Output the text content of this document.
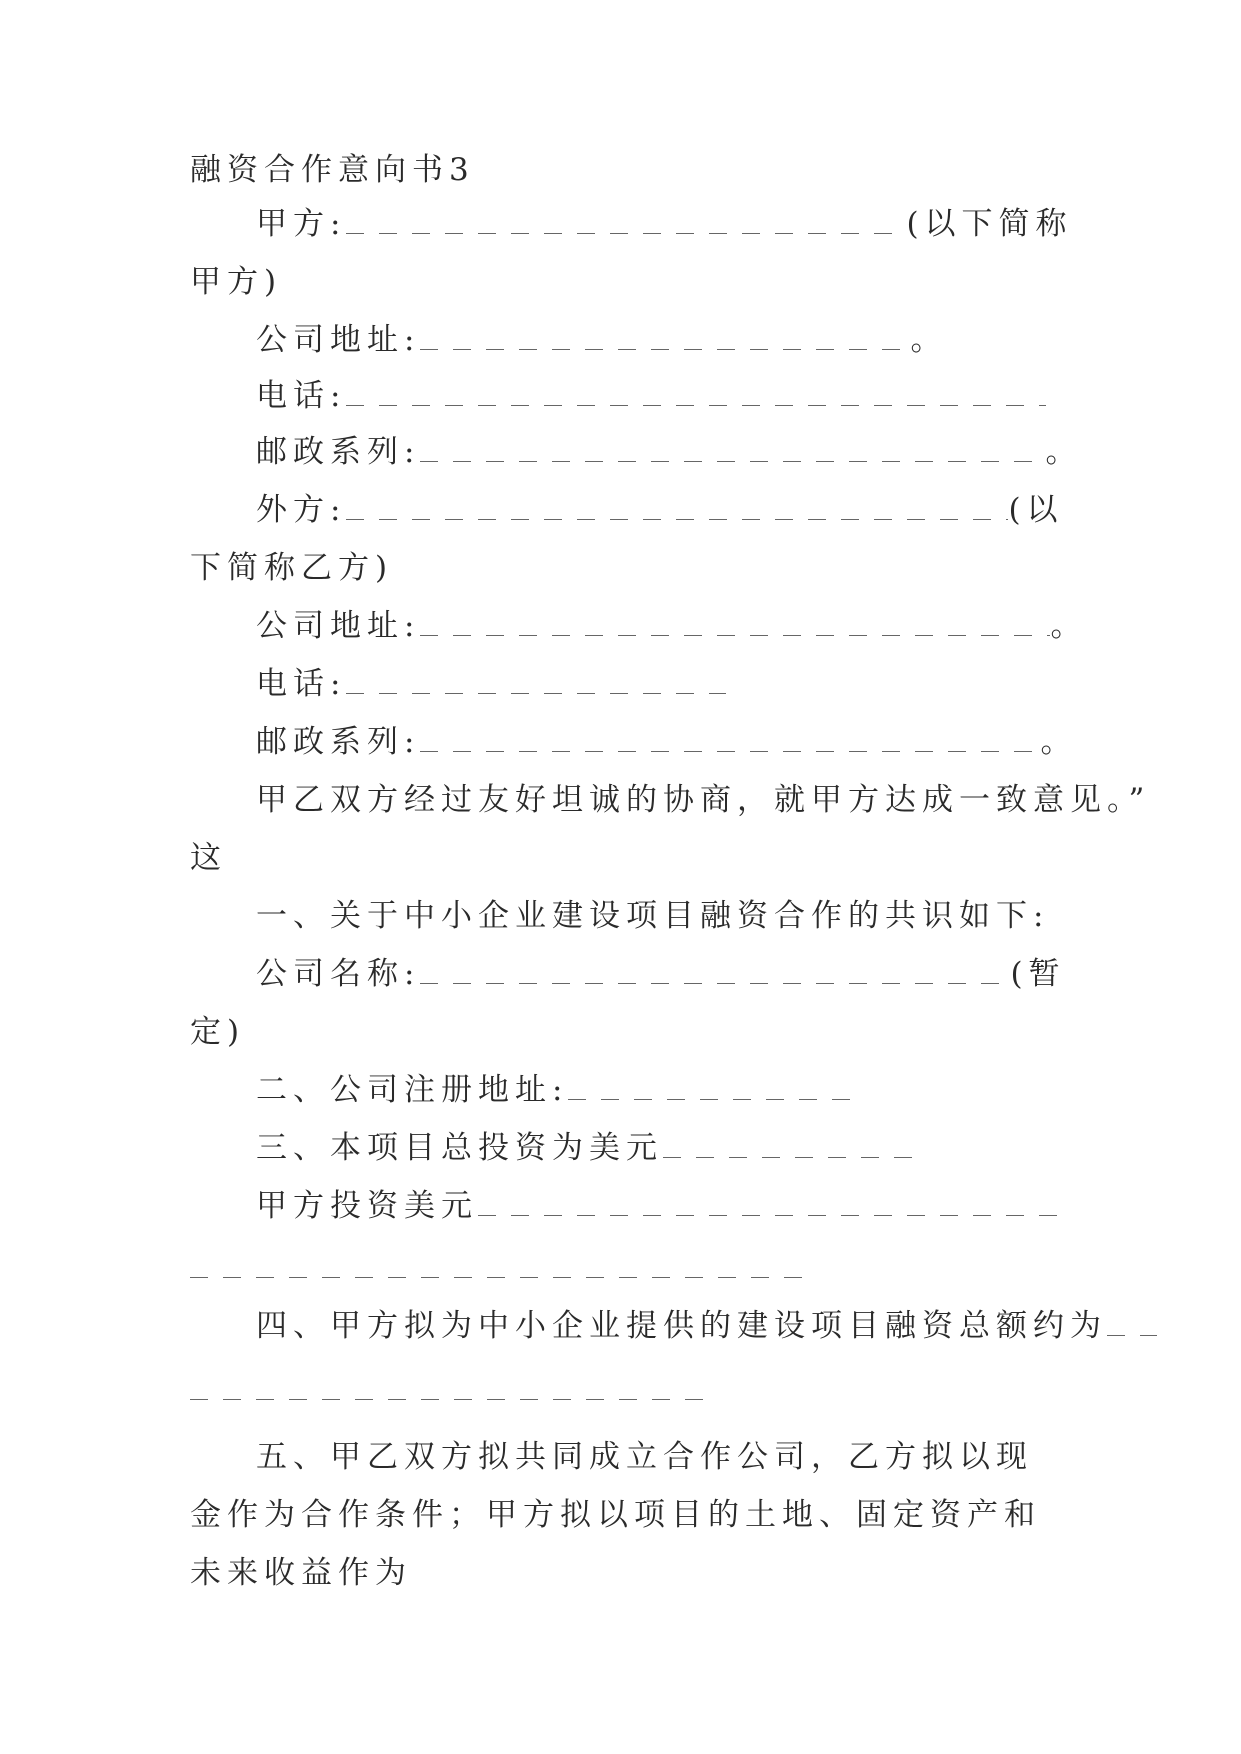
融资合作意向书3
甲方:	(以下简称
甲方)
公司地址:	。
电话:
邮政系列:	。
外方:	(以
下简称乙方)
公司地址:	。
电话:
邮政系列:	。
甲乙双方经过友好坦诚的协商，就甲方达成一致意见。”
这
一、关于中小企业建设项目融资合作的共识如下:
公司名称:	(暂
定)
二、公司注册地址:
三、本项目总投资为美元
甲方投资美元
四、甲方拟为中小企业提供的建设项目融资总额约为
五、甲乙双方拟共同成立合作公司，乙方拟以现金作为合作条件；甲方拟以项目的土地、固定资产和未来收益作为
